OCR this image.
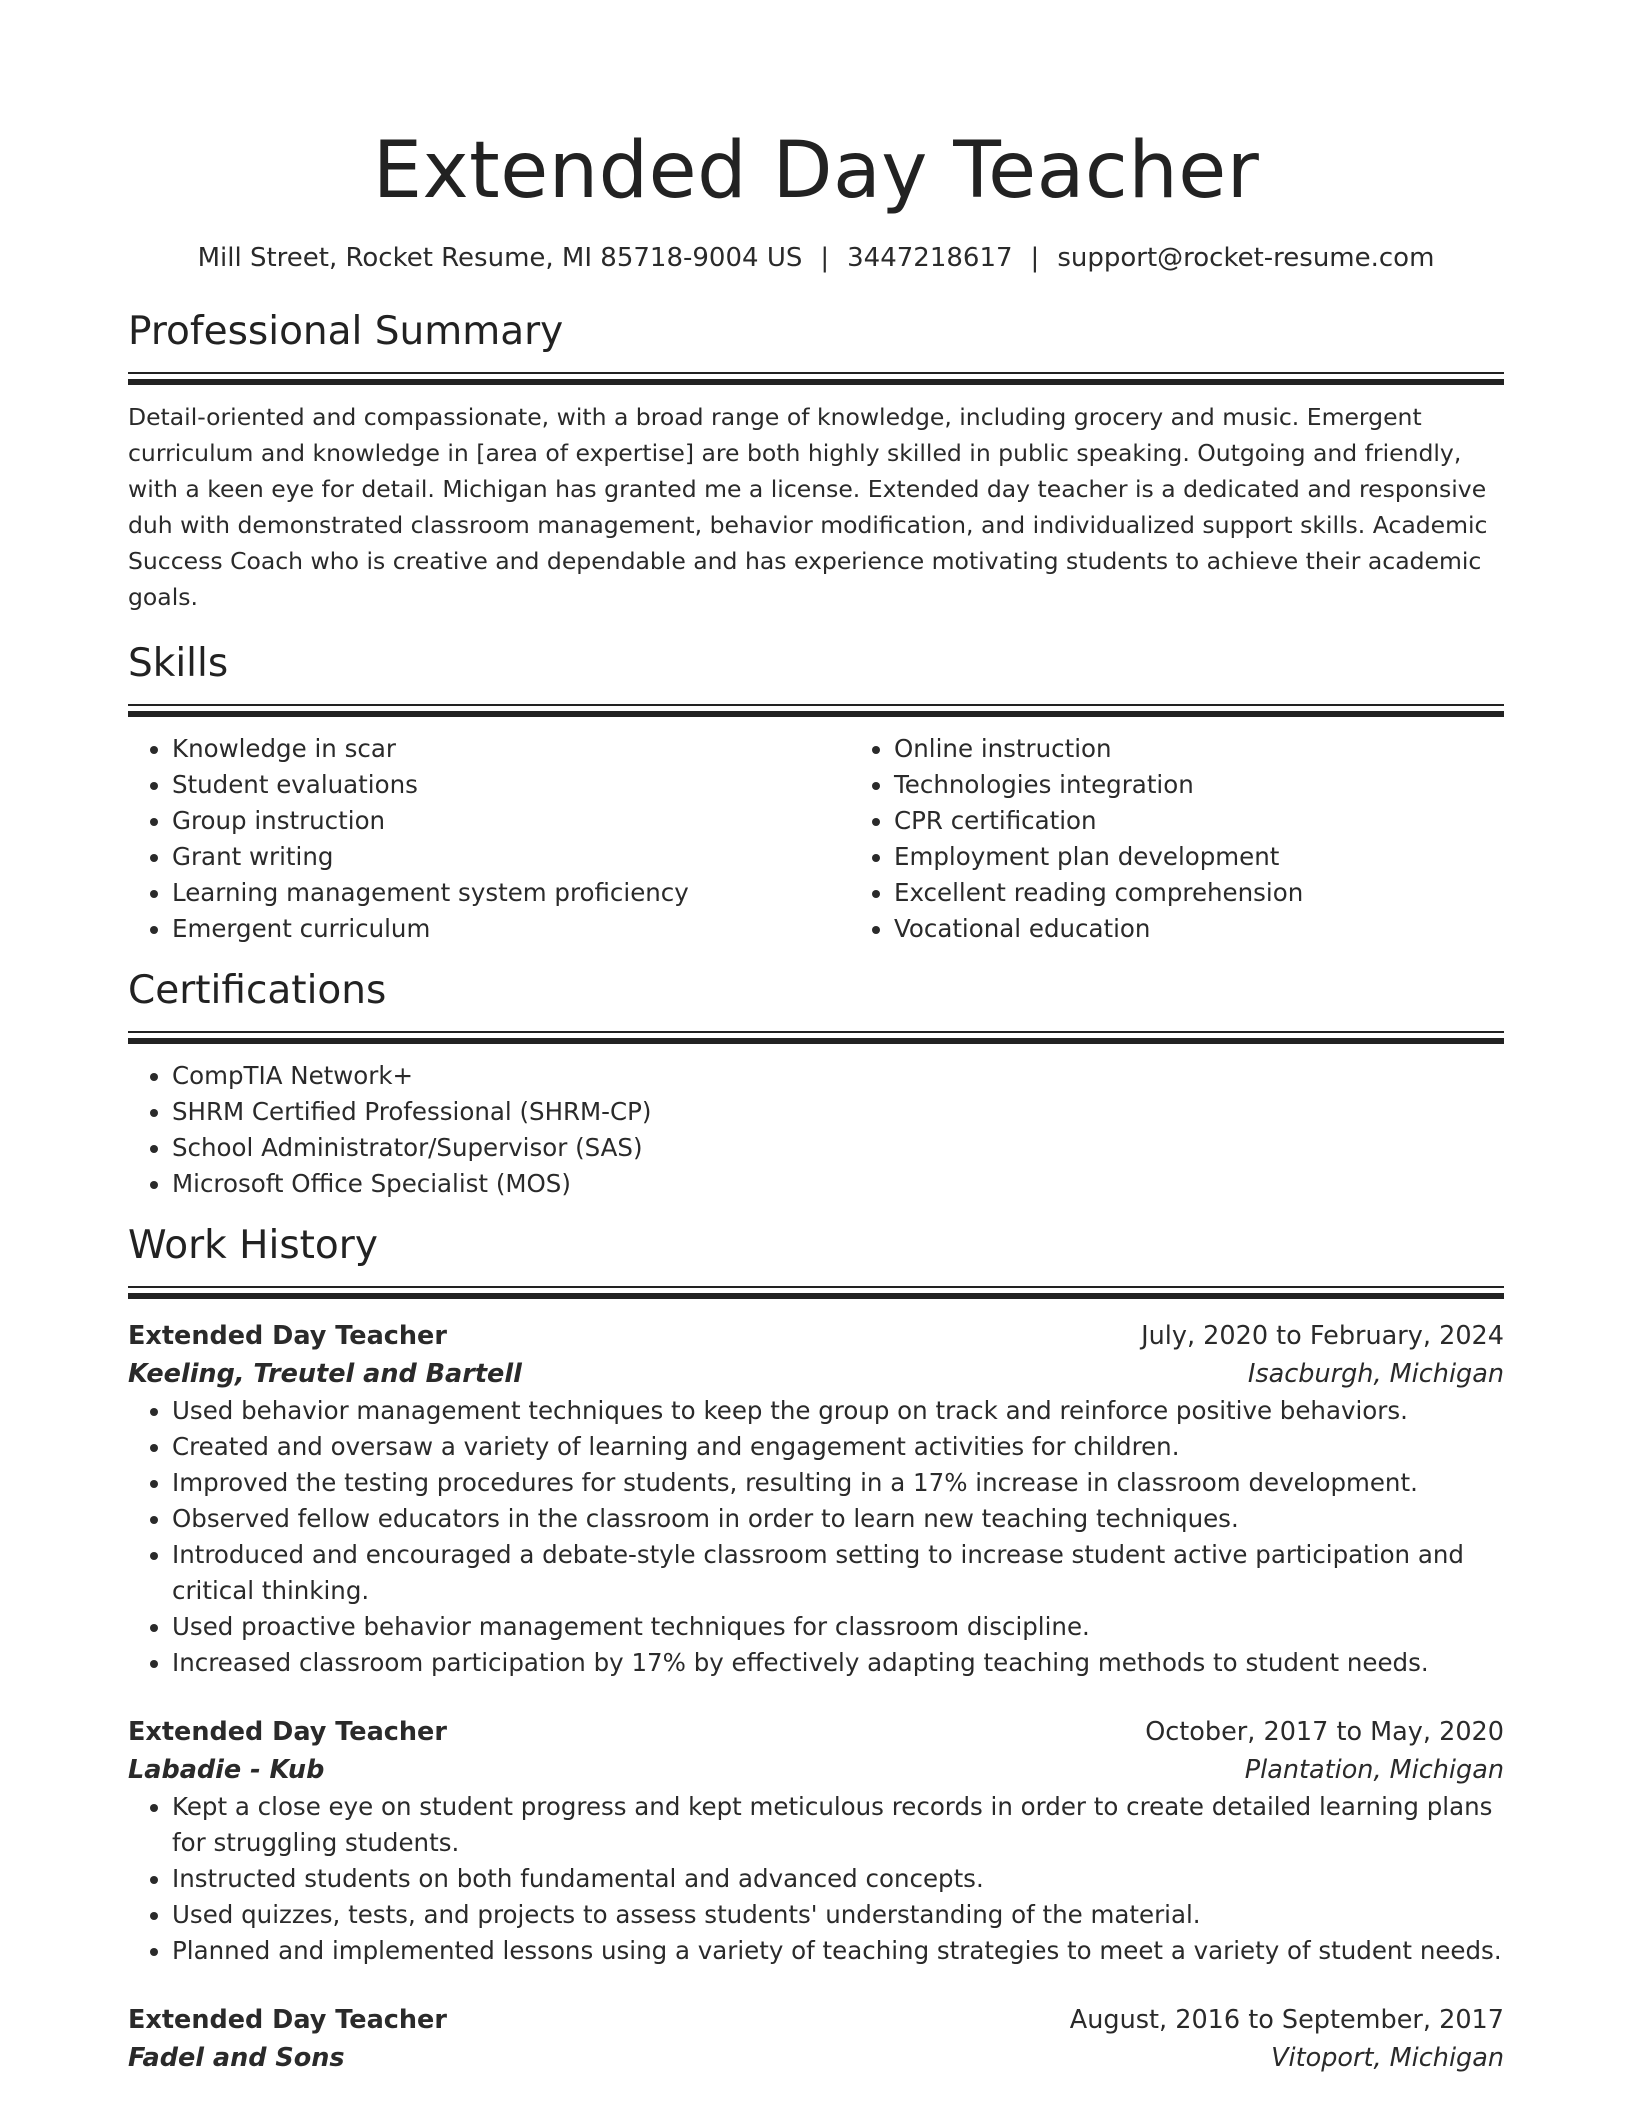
Extended Day Teacher
Mill Street, Rocket Resume, MI 85718-9004 US | 3447218617 | support@rocket-resume.com
Professional Summary

Detail-oriented and compassionate, with a broad range of knowledge, including grocery and music. Emergent curriculum and knowledge in [area of expertise] are both highly skilled in public speaking. Outgoing and friendly, with a keen eye for detail. Michigan has granted me a license. Extended day teacher is a dedicated and responsive duh with demonstrated classroom management, behavior modification, and individualized support skills. Academic Success Coach who is creative and dependable and has experience motivating students to achieve their academic goals.

Skills
• Knowledge in scar
• Student evaluations
• Group instruction
• Grant writing
• Learning management system proficiency
• Emergent curriculum
• Online instruction
• Technologies integration
• CPR certification
• Employment plan development
• Excellent reading comprehension
• Vocational education
Certifications
• CompTIA Network+
• SHRM Certified Professional (SHRM-CP)
• School Administrator/Supervisor (SAS)
• Microsoft Office Specialist (MOS)
Work History
Extended Day Teacher	July, 2020 to February, 2024
Keeling, Treutel and Bartell	Isacburgh, Michigan
• Used behavior management techniques to keep the group on track and reinforce positive behaviors.
• Created and oversaw a variety of learning and engagement activities for children.
• Improved the testing procedures for students, resulting in a 17% increase in classroom development.
• Observed fellow educators in the classroom in order to learn new teaching techniques.
• Introduced and encouraged a debate-style classroom setting to increase student active participation and critical thinking.
• Used proactive behavior management techniques for classroom discipline.
• Increased classroom participation by 17% by effectively adapting teaching methods to student needs.
Extended Day Teacher	October, 2017 to May, 2020
Labadie - Kub	Plantation, Michigan
• Kept a close eye on student progress and kept meticulous records in order to create detailed learning plans for struggling students.
• Instructed students on both fundamental and advanced concepts.
• Used quizzes, tests, and projects to assess students' understanding of the material.
• Planned and implemented lessons using a variety of teaching strategies to meet a variety of student needs.
Extended Day Teacher	August, 2016 to September, 2017
Fadel and Sons	Vitoport, Michigan
